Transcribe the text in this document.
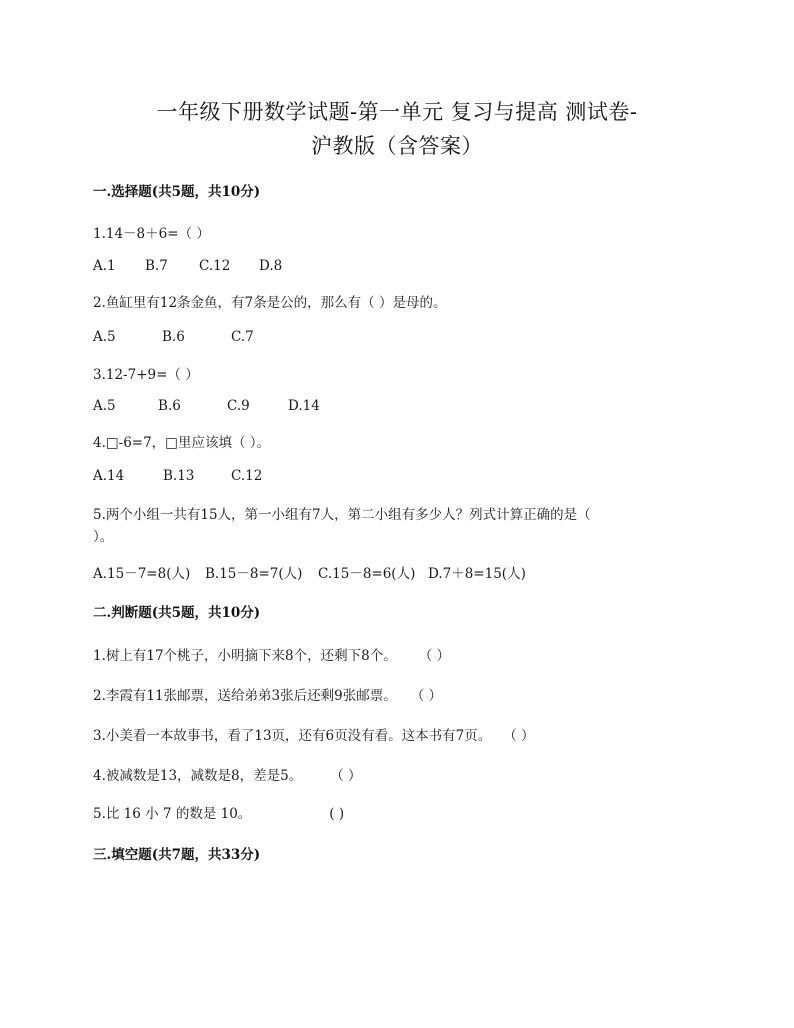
一年级下册数学试题-第一单元 复习与提高 测试卷-
沪教版（含答案）
一.选择题(共5题，共10分)
1.14－8＋6=（ ）
A.1 B.7 C.12 D.8
2.鱼缸里有12条金鱼，有7条是公的，那么有（ ）是母的。
A.5	B.6	C.7
3.12-7+9=（ ）
A.5	B.6	C.9	D.14
4.□-6=7，□里应该填（ ）。
A.14	B.13	C.12
5.两个小组一共有15人，第一小组有7人，第二小组有多少人？列式计算正确的是（
）。
A.15－7=8(人) B.15－8=7(人) C.15－8=6(人) D.7＋8=15(人)
二.判断题(共5题，共10分)
1.树上有17个桃子，小明摘下来8个，还剩下8个。 （ ）
2.李霞有11张邮票，送给弟弟3张后还剩9张邮票。 （ ）
3.小美看一本故事书，看了13页，还有6页没有看。这本书有7页。 （ ）
4.被减数是13，减数是8，差是5。 （ ）
5.比 16 小 7 的数是 10。	( )
三.填空题(共7题，共33分)
